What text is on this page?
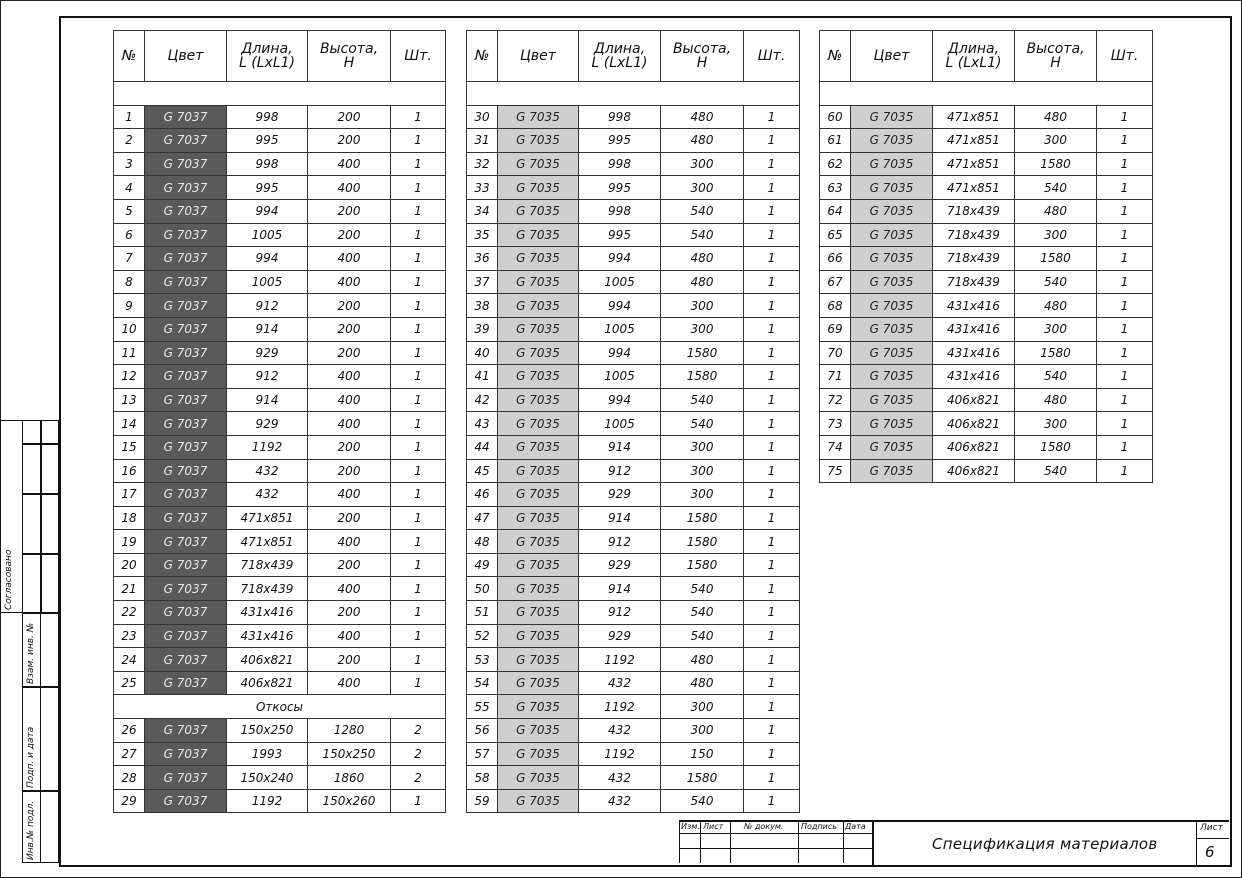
№	Цвет	Длина,
L (LxL1)	Высота,
H	Шт.

1	G 7037	998	200	1
2	G 7037	995	200	1
3	G 7037	998	400	1
4	G 7037	995	400	1
5	G 7037	994	200	1
6	G 7037	1005	200	1
7	G 7037	994	400	1
8	G 7037	1005	400	1
9	G 7037	912	200	1
10	G 7037	914	200	1
11	G 7037	929	200	1
12	G 7037	912	400	1
13	G 7037	914	400	1
14	G 7037	929	400	1
15	G 7037	1192	200	1
16	G 7037	432	200	1
17	G 7037	432	400	1
18	G 7037	471x851	200	1
19	G 7037	471x851	400	1
20	G 7037	718x439	200	1
21	G 7037	718x439	400	1
22	G 7037	431x416	200	1
23	G 7037	431x416	400	1
24	G 7037	406x821	200	1
25	G 7037	406x821	400	1
Откосы				
26	G 7037	150x250	1280	2
27	G 7037	1993	150x250	2
28	G 7037	150x240	1860	2
29	G 7037	1192	150x260	1
№	Цвет	Длина,
L (LxL1)	Высота,
H	Шт.

30	G 7035	998	480	1
31	G 7035	995	480	1
32	G 7035	998	300	1
33	G 7035	995	300	1
34	G 7035	998	540	1
35	G 7035	995	540	1
36	G 7035	994	480	1
37	G 7035	1005	480	1
38	G 7035	994	300	1
39	G 7035	1005	300	1
40	G 7035	994	1580	1
41	G 7035	1005	1580	1
42	G 7035	994	540	1
43	G 7035	1005	540	1
44	G 7035	914	300	1
45	G 7035	912	300	1
46	G 7035	929	300	1
47	G 7035	914	1580	1
48	G 7035	912	1580	1
49	G 7035	929	1580	1
50	G 7035	914	540	1
51	G 7035	912	540	1
52	G 7035	929	540	1
53	G 7035	1192	480	1
54	G 7035	432	480	1
55	G 7035	1192	300	1
56	G 7035	432	300	1
57	G 7035	1192	150	1
58	G 7035	432	1580	1
59	G 7035	432	540	1
№	Цвет	Длина,
L (LxL1)	Высота,
H	Шт.

60	G 7035	471x851	480	1
61	G 7035	471x851	300	1
62	G 7035	471x851	1580	1
63	G 7035	471x851	540	1
64	G 7035	718x439	480	1
65	G 7035	718x439	300	1
66	G 7035	718x439	1580	1
67	G 7035	718x439	540	1
68	G 7035	431x416	480	1
69	G 7035	431x416	300	1
70	G 7035	431x416	1580	1
71	G 7035	431x416	540	1
72	G 7035	406x821	480	1
73	G 7035	406x821	300	1
74	G 7035	406x821	1580	1
75	G 7035	406x821	540	1
Согласовано
Взам. инв. №
Подп. и дата
Инв.№ подл.	Изм. Лист	№ докум. Подпись Дата
Спецификация материалов
Лист
6
